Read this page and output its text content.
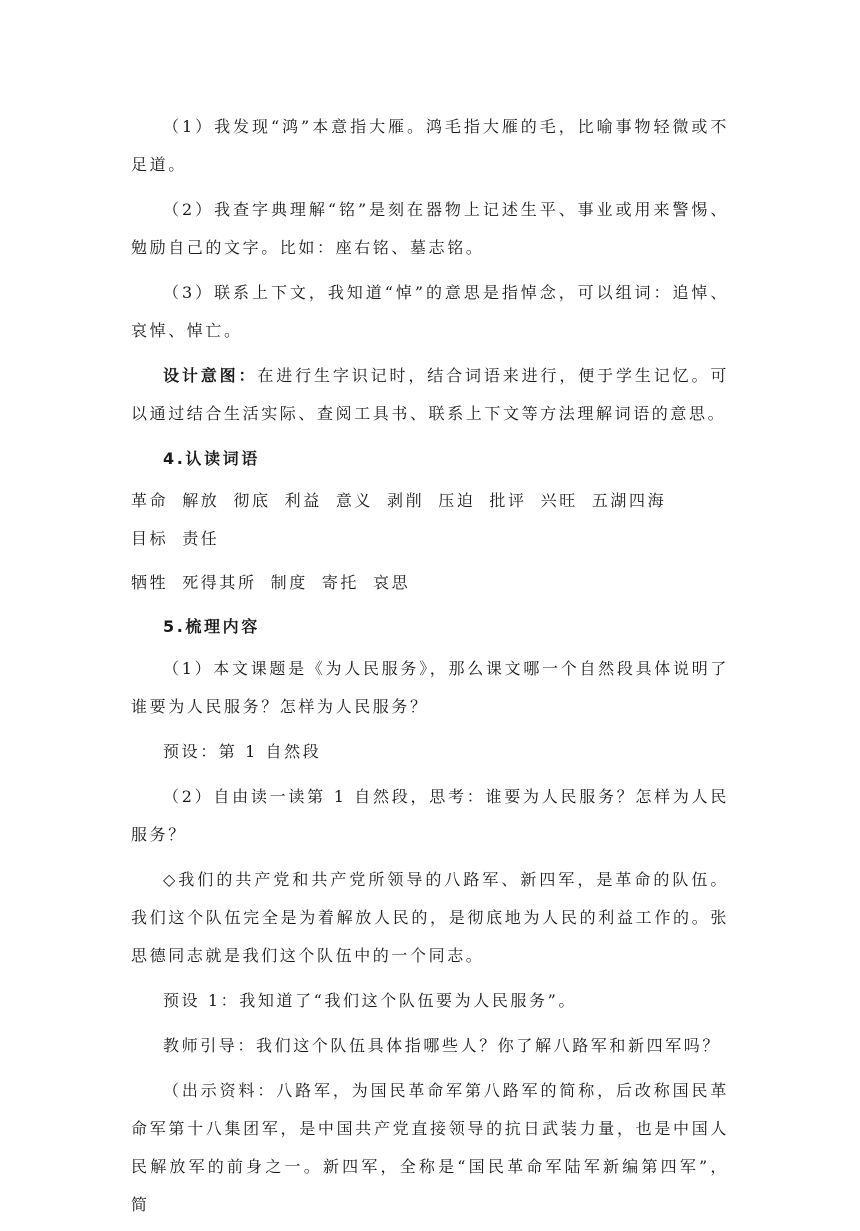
（1）我发现“鸿”本意指大雁。鸿毛指大雁的毛，比喻事物轻微或不足道。

（2）我查字典理解“铭”是刻在器物上记述生平、事业或用来警惕、勉励自己的文字。比如：座右铭、墓志铭。

（3）联系上下文，我知道“悼”的意思是指悼念，可以组词：追悼、哀悼、悼亡。

设计意图：在进行生字识记时，结合词语来进行，便于学生记忆。可以通过结合生活实际、查阅工具书、联系上下文等方法理解词语的意思。

4.认读词语
革命 解放 彻底 利益 意义 剥削 压迫 批评 兴旺 五湖四海
目标 责任
牺牲 死得其所 制度 寄托 哀思
5.梳理内容

（1）本文课题是《为人民服务》，那么课文哪一个自然段具体说明了谁要为人民服务？怎样为人民服务？

预设：第 1 自然段

（2）自由读一读第 1 自然段，思考：谁要为人民服务？怎样为人民服务？

◇我们的共产党和共产党所领导的八路军、新四军，是革命的队伍。我们这个队伍完全是为着解放人民的，是彻底地为人民的利益工作的。张思德同志就是我们这个队伍中的一个同志。

预设 1：我知道了“我们这个队伍要为人民服务”。

教师引导：我们这个队伍具体指哪些人？你了解八路军和新四军吗？

（出示资料：八路军，为国民革命军第八路军的简称，后改称国民革命军第十八集团军，是中国共产党直接领导的抗日武装力量，也是中国人民解放军的前身之一。新四军，全称是“国民革命军陆军新编第四军”，简
